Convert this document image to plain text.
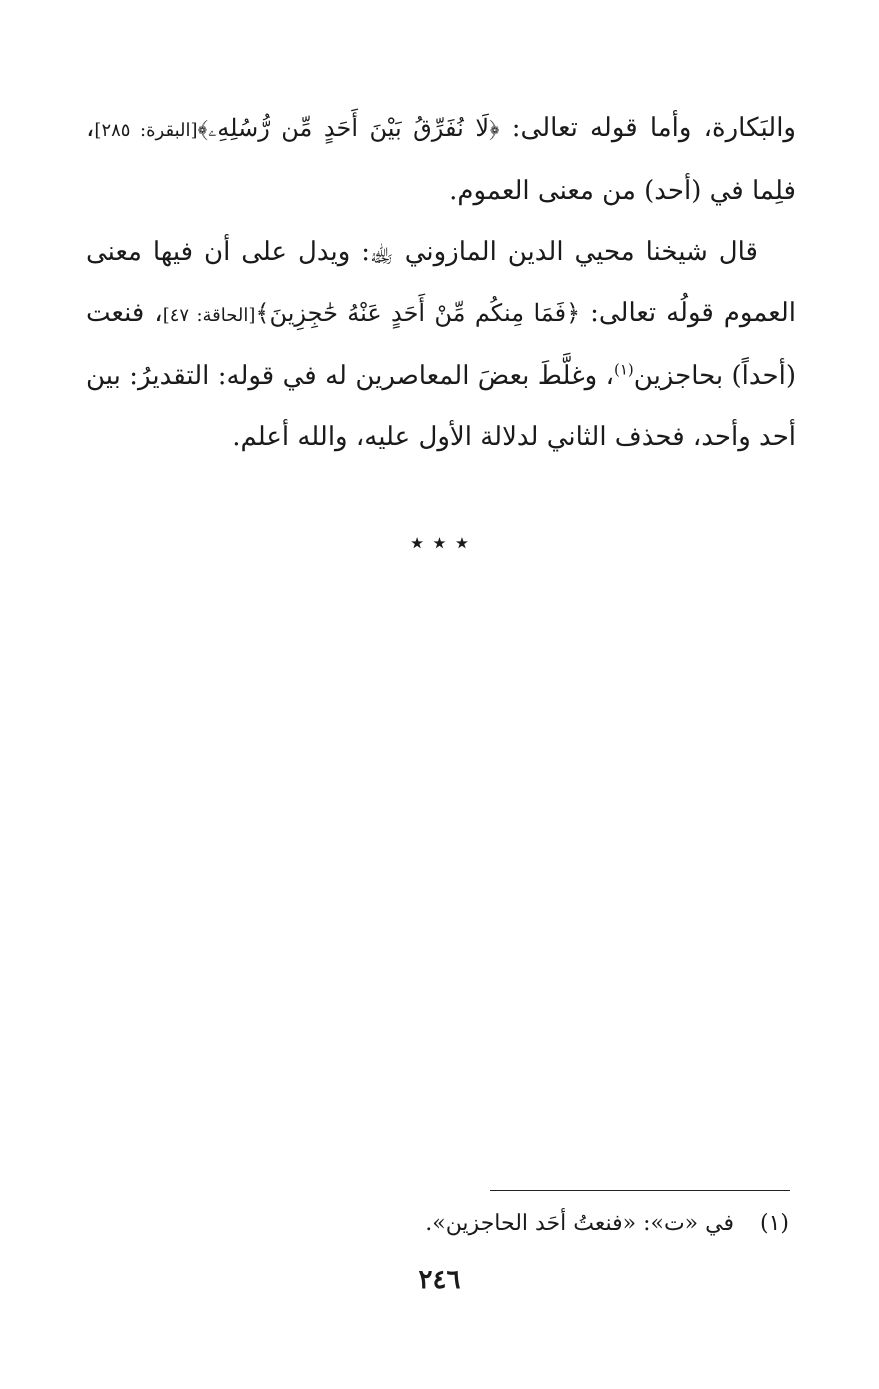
والبَكارة، وأما قوله تعالى: ﴿لَا نُفَرِّقُ بَيْنَ أَحَدٍ مِّن رُّسُلِهِۦ﴾[البقرة: ٢٨٥]، فلِما في (أحد) من معنى العموم.

قال شيخنا محيي الدين المازوني ﵀: ويدل على أن فيها معنى العموم قولُه تعالى: ﴿فَمَا مِنكُم مِّنْ أَحَدٍ عَنْهُ حَٰجِزِينَ﴾[الحاقة: ٤٧]، فنعت (أحداً) بحاجزين$^{(١)}$، وغلَّطَ بعضَ المعاصرين له في قوله: التقديرُ: بين أحد وأحد، فحذف الثاني لدلالة الأول عليه، والله أعلم.

٭ ٭ ٭
(١)في «ت»: «فنعتُ أحَد الحاجزين».
٢٤٦
